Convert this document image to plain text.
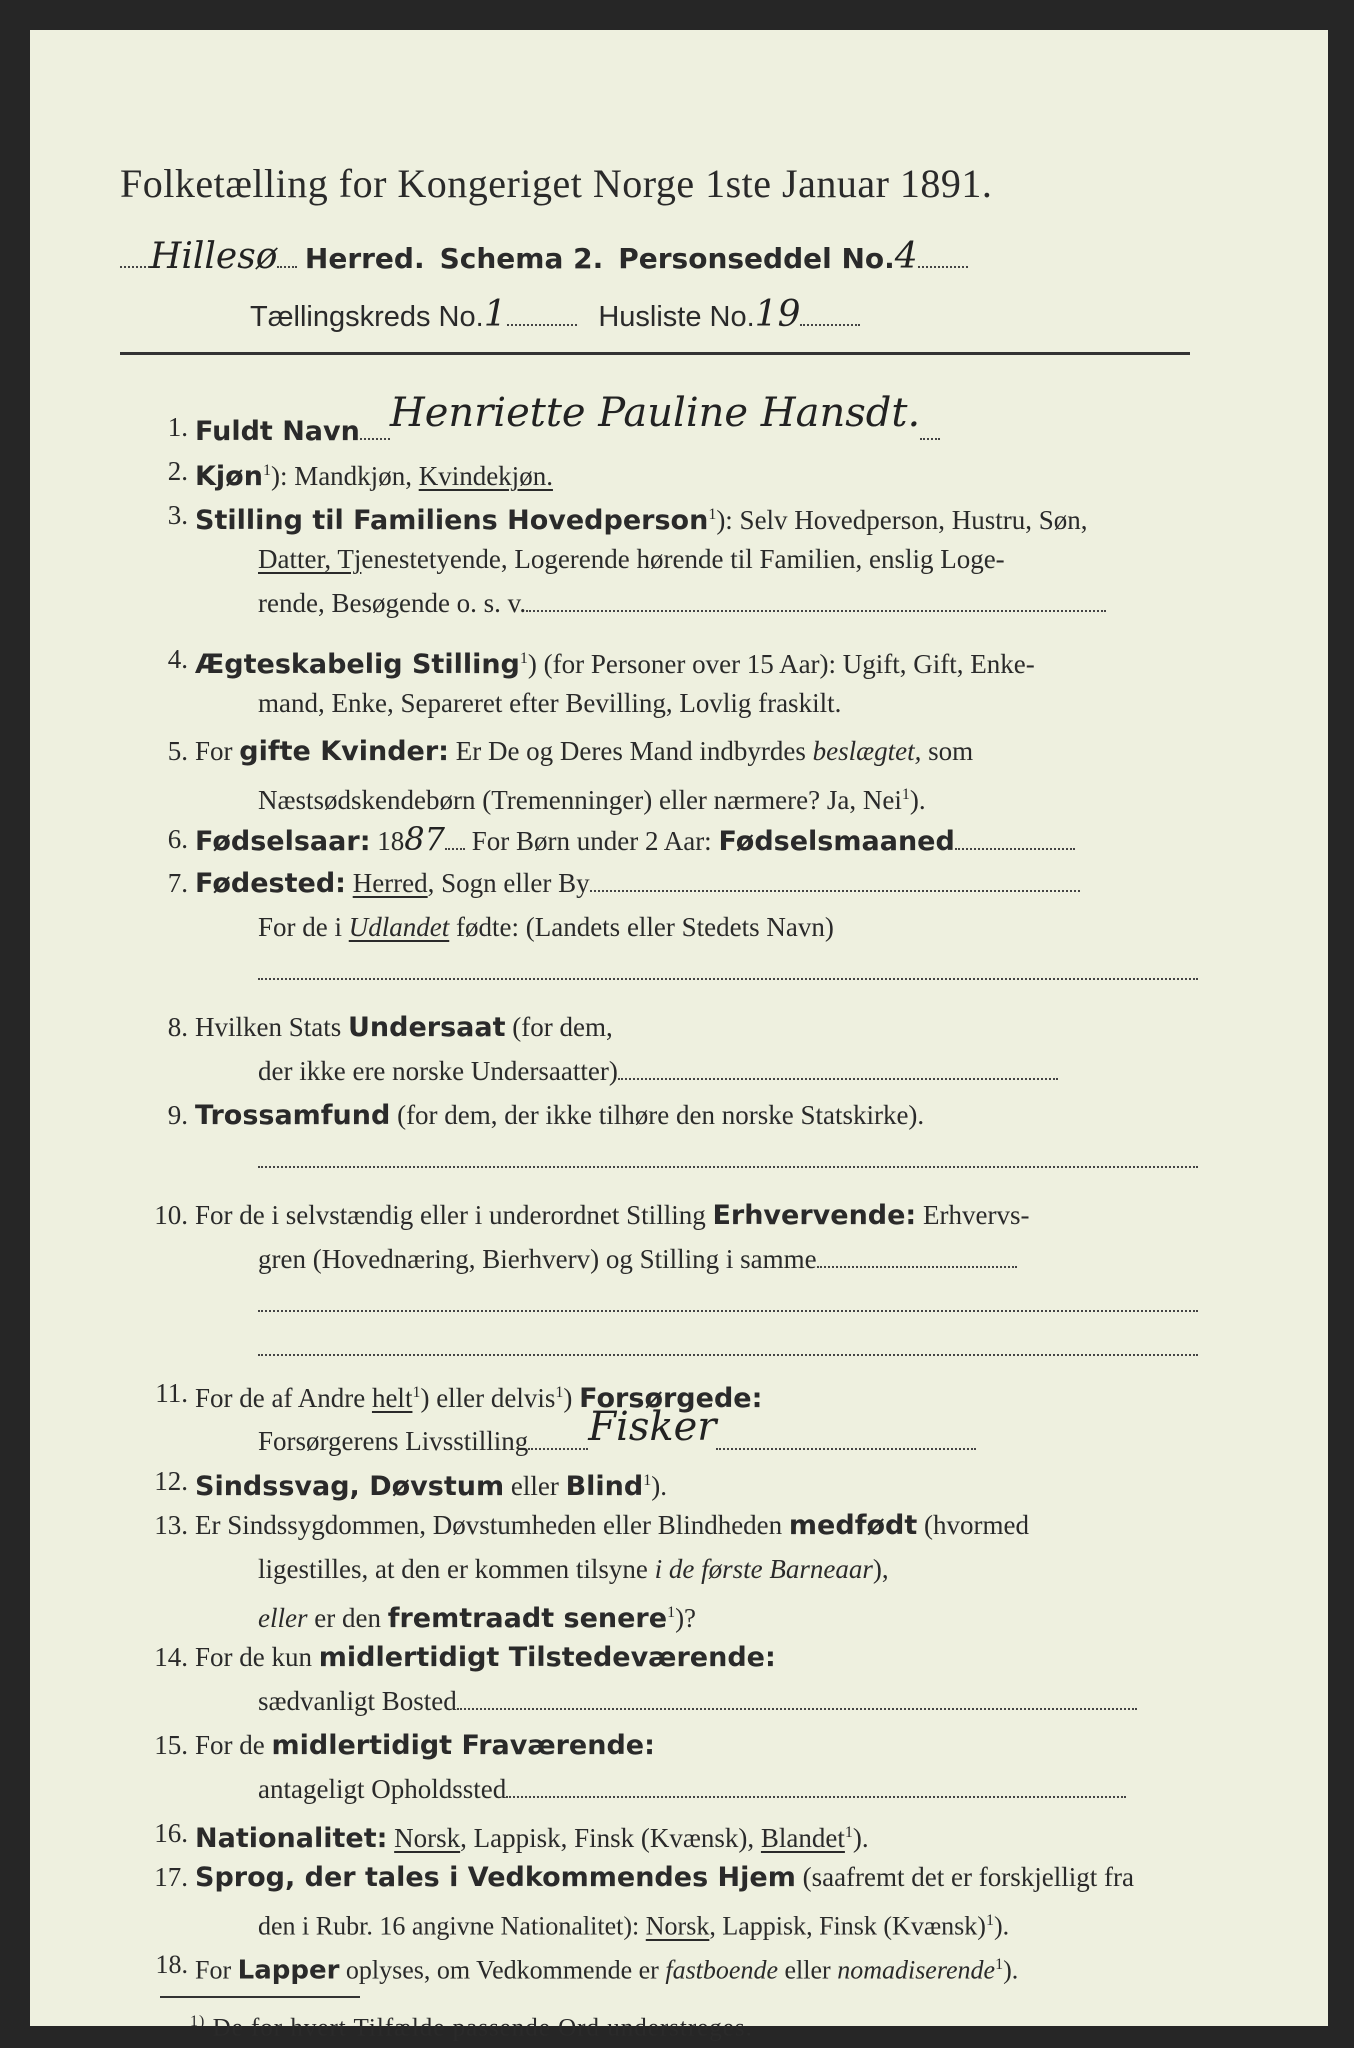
Folketælling for Kongeriget Norge 1ste Januar 1891.
Hillesø Herred. Schema 2. Personseddel No.4
Tællingskreds No.1	Husliste No.19
1. Fuldt Navn Henriette Pauline Hansdt.
2. Kjøn$^1$): Mandkjøn, Kvindekjøn.
3. Stilling til Familiens Hovedperson$^1$): Selv Hovedperson, Hustru, Søn,
Datter, Tjenestetyende, Logerende hørende til Familien, enslig Loge-
rende, Besøgende o. s. v.
4. Ægteskabelig Stilling$^1$) (for Personer over 15 Aar): Ugift, Gift, Enke-
mand, Enke, Separeret efter Bevilling, Lovlig fraskilt.
5. For gifte Kvinder: Er De og Deres Mand indbyrdes beslægtet, som
Næstsødskendebørn (Tremenninger) eller nærmere? Ja, Nei$^1$).
6. Fødselsaar: 1887 For Børn under 2 Aar: Fødselsmaaned
7. Fødested: Herred, Sogn eller By
For de i Udlandet fødte: (Landets eller Stedets Navn)
8. Hvilken Stats Undersaat (for dem,
der ikke ere norske Undersaatter)
9. Trossamfund (for dem, der ikke tilhøre den norske Statskirke).
10. For de i selvstændig eller i underordnet Stilling Erhvervende: Erhvervs-
gren (Hovednæring, Bierhverv) og Stilling i samme
11. For de af Andre helt$^1$) eller delvis$^1$) Forsørgede:
Forsørgerens Livsstilling Fisker
12. Sindssvag, Døvstum eller Blind$^1$).
13. Er Sindssygdommen, Døvstumheden eller Blindheden medfødt (hvormed
ligestilles, at den er kommen tilsyne i de første Barneaar),
eller er den fremtraadt senere$^1$)?
14. For de kun midlertidigt Tilstedeværende:
sædvanligt Bosted
15. For de midlertidigt Fraværende:
antageligt Opholdssted
16. Nationalitet: Norsk, Lappisk, Finsk (Kvænsk), Blandet$^1$).
17. Sprog, der tales i Vedkommendes Hjem (saafremt det er forskjelligt fra
den i Rubr. 16 angivne Nationalitet): Norsk, Lappisk, Finsk (Kvænsk)$^1$).
18. For Lapper oplyses, om Vedkommende er fastboende eller nomadiserende$^1$).
$^{1)}$ De for hvert Tilfælde passende Ord understreges.
